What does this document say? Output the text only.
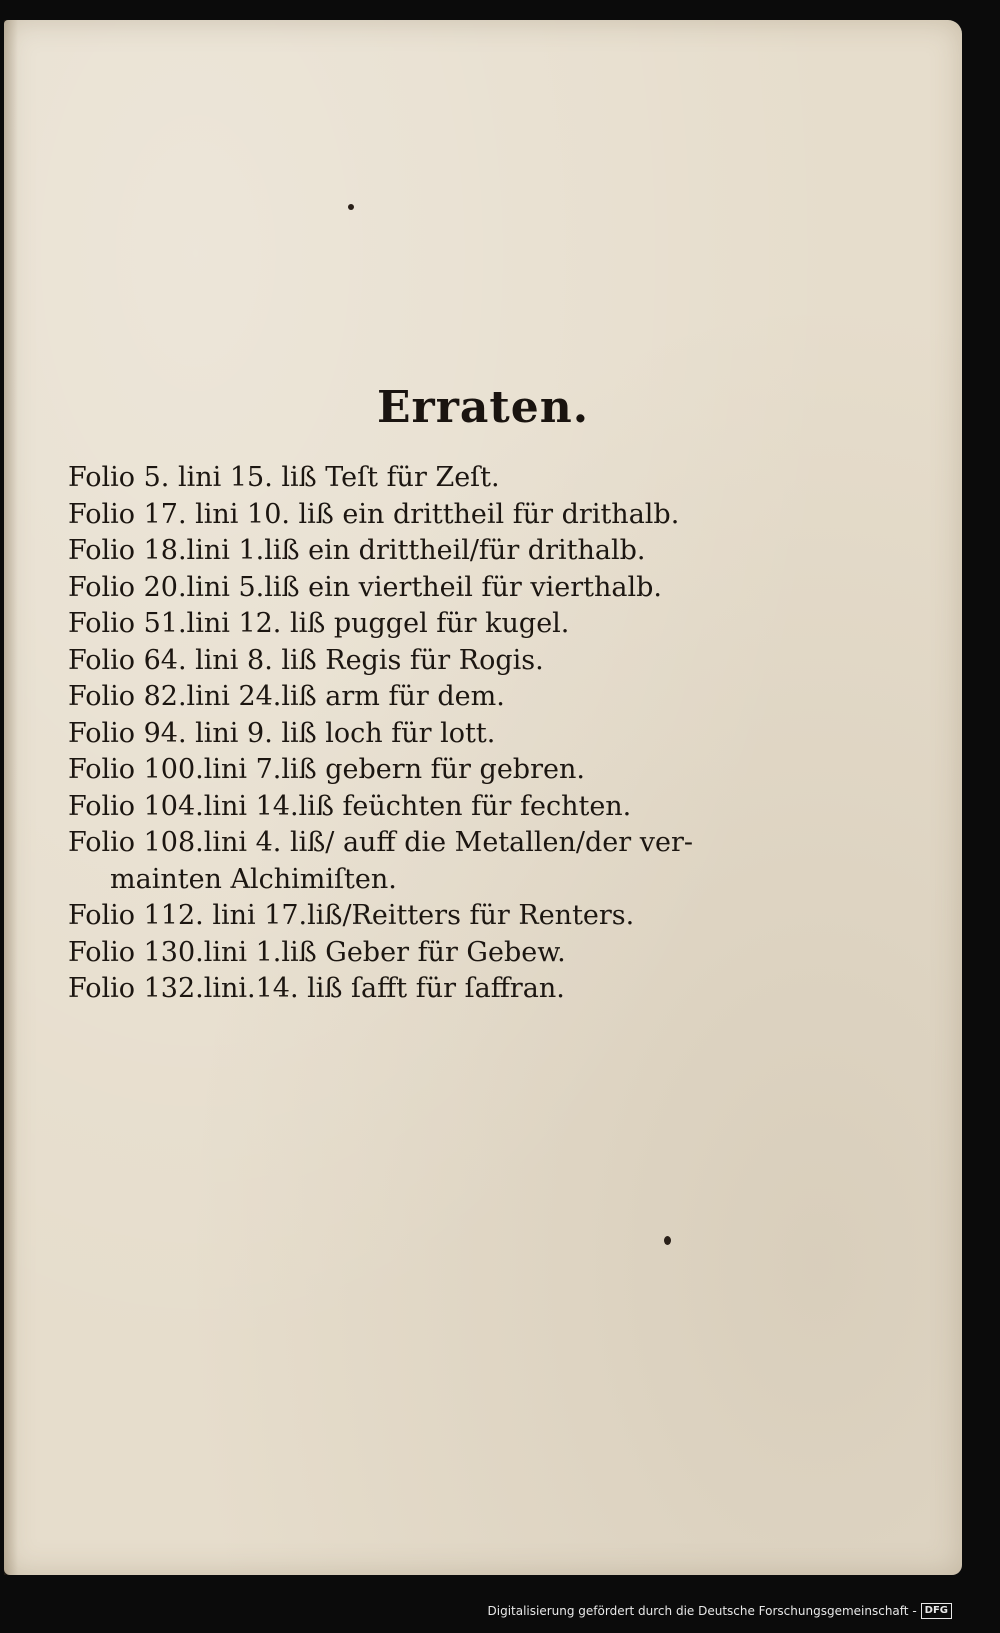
Erraten.
Folio 5. lini 15. liß Teſt für Zeſt.
Folio 17. lini 10. liß ein drittheil für drithalb.
Folio 18.lini 1.liß ein drittheil/für drithalb.
Folio 20.lini 5.liß ein viertheil für vierthalb.
Folio 51.lini 12. liß puggel für kugel.
Folio 64. lini 8. liß Regis für Rogis.
Folio 82.lini 24.liß arm für dem.
Folio 94. lini 9. liß loch für lott.
Folio 100.lini 7.liß gebern für gebren.
Folio 104.lini 14.liß feüchten für fechten.
Folio 108.lini 4. liß/ auff die Metallen/der ver-
mainten Alchimiſten.
Folio 112. lini 17.liß/Reitters für Renters.
Folio 130.lini 1.liß Geber für Gebew.
Folio 132.lini.14. liß ſafft für ſaffran.
Digitalisierung gefördert durch die Deutsche Forschungsgemeinschaft - DFG
